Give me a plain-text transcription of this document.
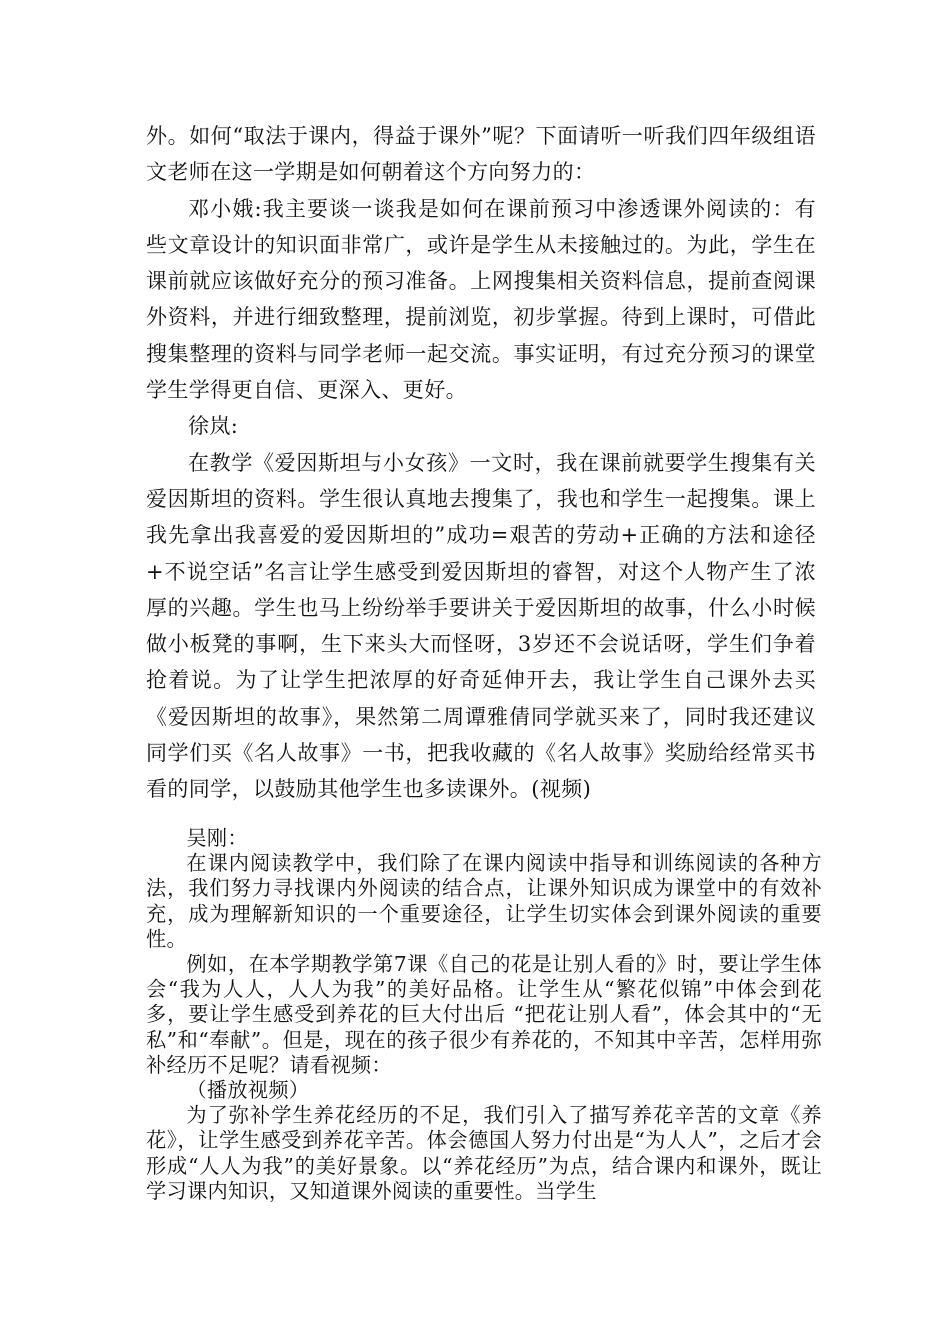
外。如何“取法于课内，得益于课外”呢？下面请听一听我们四年级组语文老师在这一学期是如何朝着这个方向努力的：

邓小娥:我主要谈一谈我是如何在课前预习中渗透课外阅读的：有些文章设计的知识面非常广，或许是学生从未接触过的。为此，学生在课前就应该做好充分的预习准备。上网搜集相关资料信息，提前查阅课外资料，并进行细致整理，提前浏览，初步掌握。待到上课时，可借此搜集整理的资料与同学老师一起交流。事实证明，有过充分预习的课堂学生学得更自信、更深入、更好。

徐岚:

在教学《爱因斯坦与小女孩》一文时，我在课前就要学生搜集有关爱因斯坦的资料。学生很认真地去搜集了，我也和学生一起搜集。课上我先拿出我喜爱的爱因斯坦的”成功=艰苦的劳动+正确的方法和途径+不说空话”名言让学生感受到爱因斯坦的睿智，对这个人物产生了浓厚的兴趣。学生也马上纷纷举手要讲关于爱因斯坦的故事，什么小时候做小板凳的事啊，生下来头大而怪呀，3岁还不会说话呀，学生们争着抢着说。为了让学生把浓厚的好奇延伸开去，我让学生自己课外去买《爱因斯坦的故事》，果然第二周谭雅倩同学就买来了，同时我还建议同学们买《名人故事》一书，把我收藏的《名人故事》奖励给经常买书看的同学，以鼓励其他学生也多读课外。(视频)

吴刚：

在课内阅读教学中，我们除了在课内阅读中指导和训练阅读的各种方法，我们努力寻找课内外阅读的结合点，让课外知识成为课堂中的有效补充，成为理解新知识的一个重要途径，让学生切实体会到课外阅读的重要性。

例如，在本学期教学第7课《自己的花是让别人看的》时，要让学生体会“我为人人，人人为我”的美好品格。让学生从“繁花似锦”中体会到花多，要让学生感受到养花的巨大付出后 “把花让别人看”，体会其中的“无私”和“奉献”。但是，现在的孩子很少有养花的，不知其中辛苦，怎样用弥补经历不足呢？请看视频：

（播放视频）

为了弥补学生养花经历的不足，我们引入了描写养花辛苦的文章《养花》，让学生感受到养花辛苦。体会德国人努力付出是“为人人”，之后才会形成“人人为我”的美好景象。以“养花经历”为点，结合课内和课外，既让学习课内知识，又知道课外阅读的重要性。当学生
